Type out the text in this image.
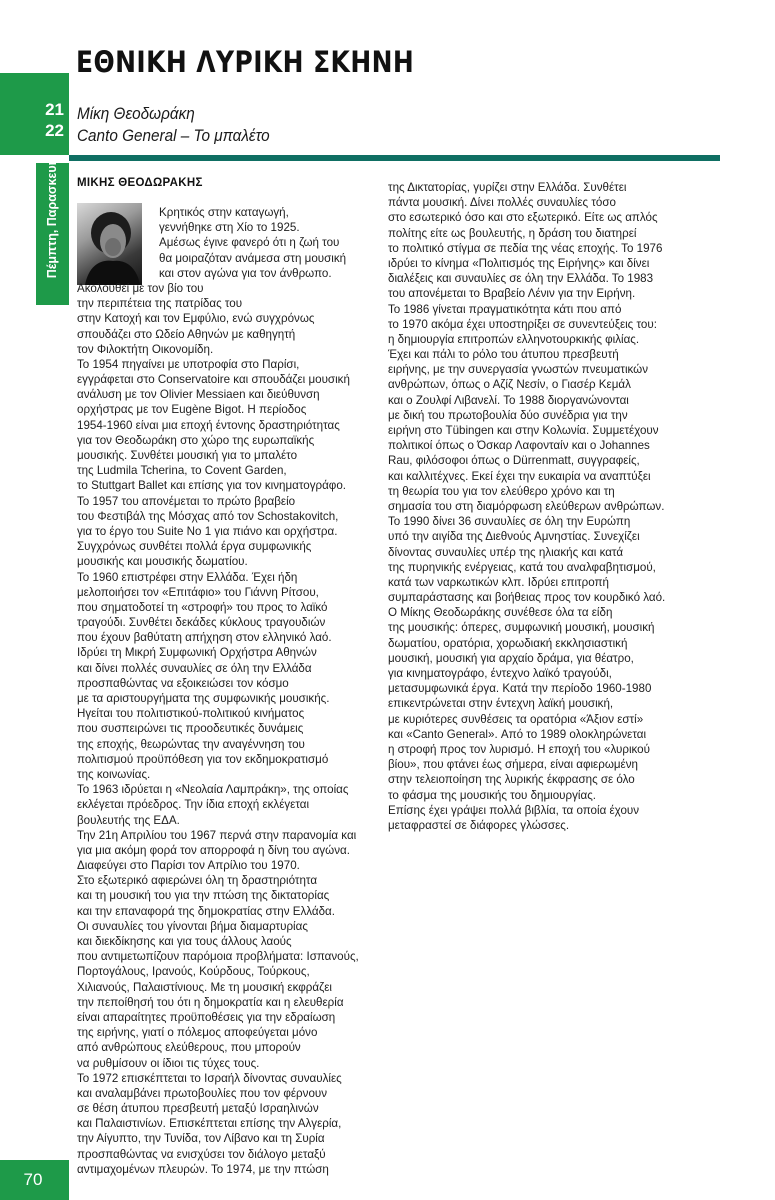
ΕΘΝΙΚΗ ΛΥΡΙΚΗ ΣΚΗΝΗ
21
22
Μίκη Θεοδωράκη
Canto General – Το μπαλέτο
Πέμπτη, Παρασκευή ΜΙΚΗΣ ΘΕΟΔΩΡΑΚΗΣ
Κρητικός στην καταγωγή,
γεννήθηκε στη Χίο το 1925.
Αμέσως έγινε φανερό ότι η ζωή του
θα μοιραζόταν ανάμεσα στη μουσική
και στον αγώνα για τον άνθρωπο.
Ακολουθεί με τον βίο του
την περιπέτεια της πατρίδας του
στην Κατοχή και τον Εμφύλιο, ενώ συγχρόνως
σπουδάζει στο Ωδείο Αθηνών με καθηγητή
τον Φιλοκτήτη Οικονομίδη.
Το 1954 πηγαίνει με υποτροφία στο Παρίσι,
εγγράφεται στο Conservatoire και σπουδάζει μουσική
ανάλυση με τον Olivier Messiaen και διεύθυνση
ορχήστρας με τον Eugène Bigot. Η περίοδος
1954-1960 είναι μια εποχή έντονης δραστηριότητας
για τον Θεοδωράκη στο χώρο της ευρωπαϊκής
μουσικής. Συνθέτει μουσική για το μπαλέτο
της Ludmila Tcherina, το Covent Garden,
το Stuttgart Ballet και επίσης για τον κινηματογράφο.
Το 1957 του απονέμεται το πρώτο βραβείο
του Φεστιβάλ της Μόσχας από τον Schostakovitch,
για το έργο του Suite No 1 για πιάνο και ορχήστρα.
Συγχρόνως συνθέτει πολλά έργα συμφωνικής
μουσικής και μουσικής δωματίου.
Το 1960 επιστρέφει στην Ελλάδα. Έχει ήδη
μελοποιήσει τον «Επιτάφιο» του Γιάννη Ρίτσου,
που σηματοδοτεί τη «στροφή» του προς το λαϊκό
τραγούδι. Συνθέτει δεκάδες κύκλους τραγουδιών
που έχουν βαθύτατη απήχηση στον ελληνικό λαό.
Ιδρύει τη Μικρή Συμφωνική Ορχήστρα Αθηνών
και δίνει πολλές συναυλίες σε όλη την Ελλάδα
προσπαθώντας να εξοικειώσει τον κόσμο
με τα αριστουργήματα της συμφωνικής μουσικής.
Ηγείται του πολιτιστικού-πολιτικού κινήματος
που συσπειρώνει τις προοδευτικές δυνάμεις
της εποχής, θεωρώντας την αναγέννηση του
πολιτισμού προϋπόθεση για τον εκδημοκρατισμό
της κοινωνίας.
Το 1963 ιδρύεται η «Νεολαία Λαμπράκη», της οποίας
εκλέγεται πρόεδρος. Την ίδια εποχή εκλέγεται
βουλευτής της ΕΔΑ.
Την 21η Απριλίου του 1967 περνά στην παρανομία και
για μια ακόμη φορά τον απορροφά η δίνη του αγώνα.
Διαφεύγει στο Παρίσι τον Απρίλιο του 1970.
Στο εξωτερικό αφιερώνει όλη τη δραστηριότητα
και τη μουσική του για την πτώση της δικτατορίας
και την επαναφορά της δημοκρατίας στην Ελλάδα.
Οι συναυλίες του γίνονται βήμα διαμαρτυρίας
και διεκδίκησης και για τους άλλους λαούς
που αντιμετωπίζουν παρόμοια προβλήματα: Ισπανούς,
Πορτογάλους, Ιρανούς, Κούρδους, Τούρκους,
Χιλιανούς, Παλαιστίνιους. Με τη μουσική εκφράζει
την πεποίθησή του ότι η δημοκρατία και η ελευθερία
είναι απαραίτητες προϋποθέσεις για την εδραίωση
της ειρήνης, γιατί ο πόλεμος αποφεύγεται μόνο
από ανθρώπους ελεύθερους, που μπορούν
να ρυθμίσουν οι ίδιοι τις τύχες τους.
Το 1972 επισκέπτεται το Ισραήλ δίνοντας συναυλίες
και αναλαμβάνει πρωτοβουλίες που τον φέρνουν
σε θέση άτυπου πρεσβευτή μεταξύ Ισραηλινών
και Παλαιστινίων. Επισκέπτεται επίσης την Αλγερία,
την Αίγυπτο, την Τυνίδα, τον Λίβανο και τη Συρία
προσπαθώντας να ενισχύσει τον διάλογο μεταξύ
αντιμαχομένων πλευρών. Το 1974, με την πτώση
της Δικτατορίας, γυρίζει στην Ελλάδα. Συνθέτει
πάντα μουσική. Δίνει πολλές συναυλίες τόσο
στο εσωτερικό όσο και στο εξωτερικό. Είτε ως απλός
πολίτης είτε ως βουλευτής, η δράση του διατηρεί
το πολιτικό στίγμα σε πεδία της νέας εποχής. Το 1976
ιδρύει το κίνημα «Πολιτισμός της Ειρήνης» και δίνει
διαλέξεις και συναυλίες σε όλη την Ελλάδα. Το 1983
του απονέμεται το Βραβείο Λένιν για την Ειρήνη.
Το 1986 γίνεται πραγματικότητα κάτι που από
το 1970 ακόμα έχει υποστηρίξει σε συνεντεύξεις του:
η δημιουργία επιτροπών ελληνοτουρκικής φιλίας.
Έχει και πάλι το ρόλο του άτυπου πρεσβευτή
ειρήνης, με την συνεργασία γνωστών πνευματικών
ανθρώπων, όπως ο Αζίζ Νεσίν, ο Γιασέρ Κεμάλ
και ο Ζουλφί Λιβανελί. Το 1988 διοργανώνονται
με δική του πρωτοβουλία δύο συνέδρια για την
ειρήνη στο Tübingen και στην Κολωνία. Συμμετέχουν
πολιτικοί όπως ο Όσκαρ Λαφονταίν και ο Johannes
Rau, φιλόσοφοι όπως ο Dürrenmatt, συγγραφείς,
και καλλιτέχνες. Εκεί έχει την ευκαιρία να αναπτύξει
τη θεωρία του για τον ελεύθερο χρόνο και τη
σημασία του στη διαμόρφωση ελεύθερων ανθρώπων.
Το 1990 δίνει 36 συναυλίες σε όλη την Ευρώπη
υπό την αιγίδα της Διεθνούς Αμνηστίας. Συνεχίζει
δίνοντας συναυλίες υπέρ της ηλιακής και κατά
της πυρηνικής ενέργειας, κατά του αναλφαβητισμού,
κατά των ναρκωτικών κλπ. Ιδρύει επιτροπή
συμπαράστασης και βοήθειας προς τον κουρδικό λαό.
Ο Μίκης Θεοδωράκης συνέθεσε όλα τα είδη
της μουσικής: όπερες, συμφωνική μουσική, μουσική
δωματίου, ορατόρια, χορωδιακή εκκλησιαστική
μουσική, μουσική για αρχαίο δράμα, για θέατρο,
για κινηματογράφο, έντεχνο λαϊκό τραγούδι,
μετασυμφωνικά έργα. Κατά την περίοδο 1960-1980
επικεντρώνεται στην έντεχνη λαϊκή μουσική,
με κυριότερες συνθέσεις τα ορατόρια «Άξιον εστί»
και «Canto General». Από το 1989 ολοκληρώνεται
η στροφή προς τον λυρισμό. Η εποχή του «λυρικού
βίου», που φτάνει έως σήμερα, είναι αφιερωμένη
στην τελειοποίηση της λυρικής έκφρασης σε όλο
το φάσμα της μουσικής του δημιουργίας.
Επίσης έχει γράψει πολλά βιβλία, τα οποία έχουν
μεταφραστεί σε διάφορες γλώσσες.
70
